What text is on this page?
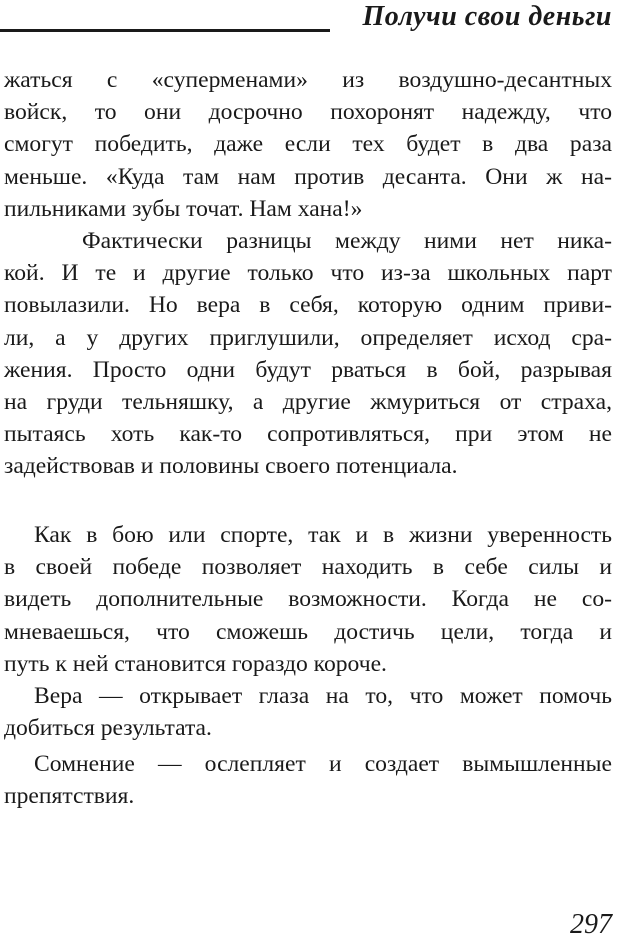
Получи свои деньги
жаться с «суперменами» из воздушно-десантных
войск, то они досрочно похоронят надежду, что
смогут победить, даже если тех будет в два раза
меньше. «Куда там нам против десанта. Они ж на-
пильниками зубы точат. Нам хана!»
Фактически разницы между ними нет ника-
кой. И те и другие только что из-за школьных парт
повылазили. Но вера в себя, которую одним приви-
ли, а у других приглушили, определяет исход сра-
жения. Просто одни будут рваться в бой, разрывая
на груди тельняшку, а другие жмуриться от страха,
пытаясь хоть как-то сопротивляться, при этом не
задействовав и половины своего потенциала.
Как в бою или спорте, так и в жизни уверенность
в своей победе позволяет находить в себе силы и
видеть дополнительные возможности. Когда не со-
мневаешься, что сможешь достичь цели, тогда и
путь к ней становится гораздо короче.
Вера — открывает глаза на то, что может помочь
добиться результата.
Сомнение — ослепляет и создает вымышленные
препятствия.
297
